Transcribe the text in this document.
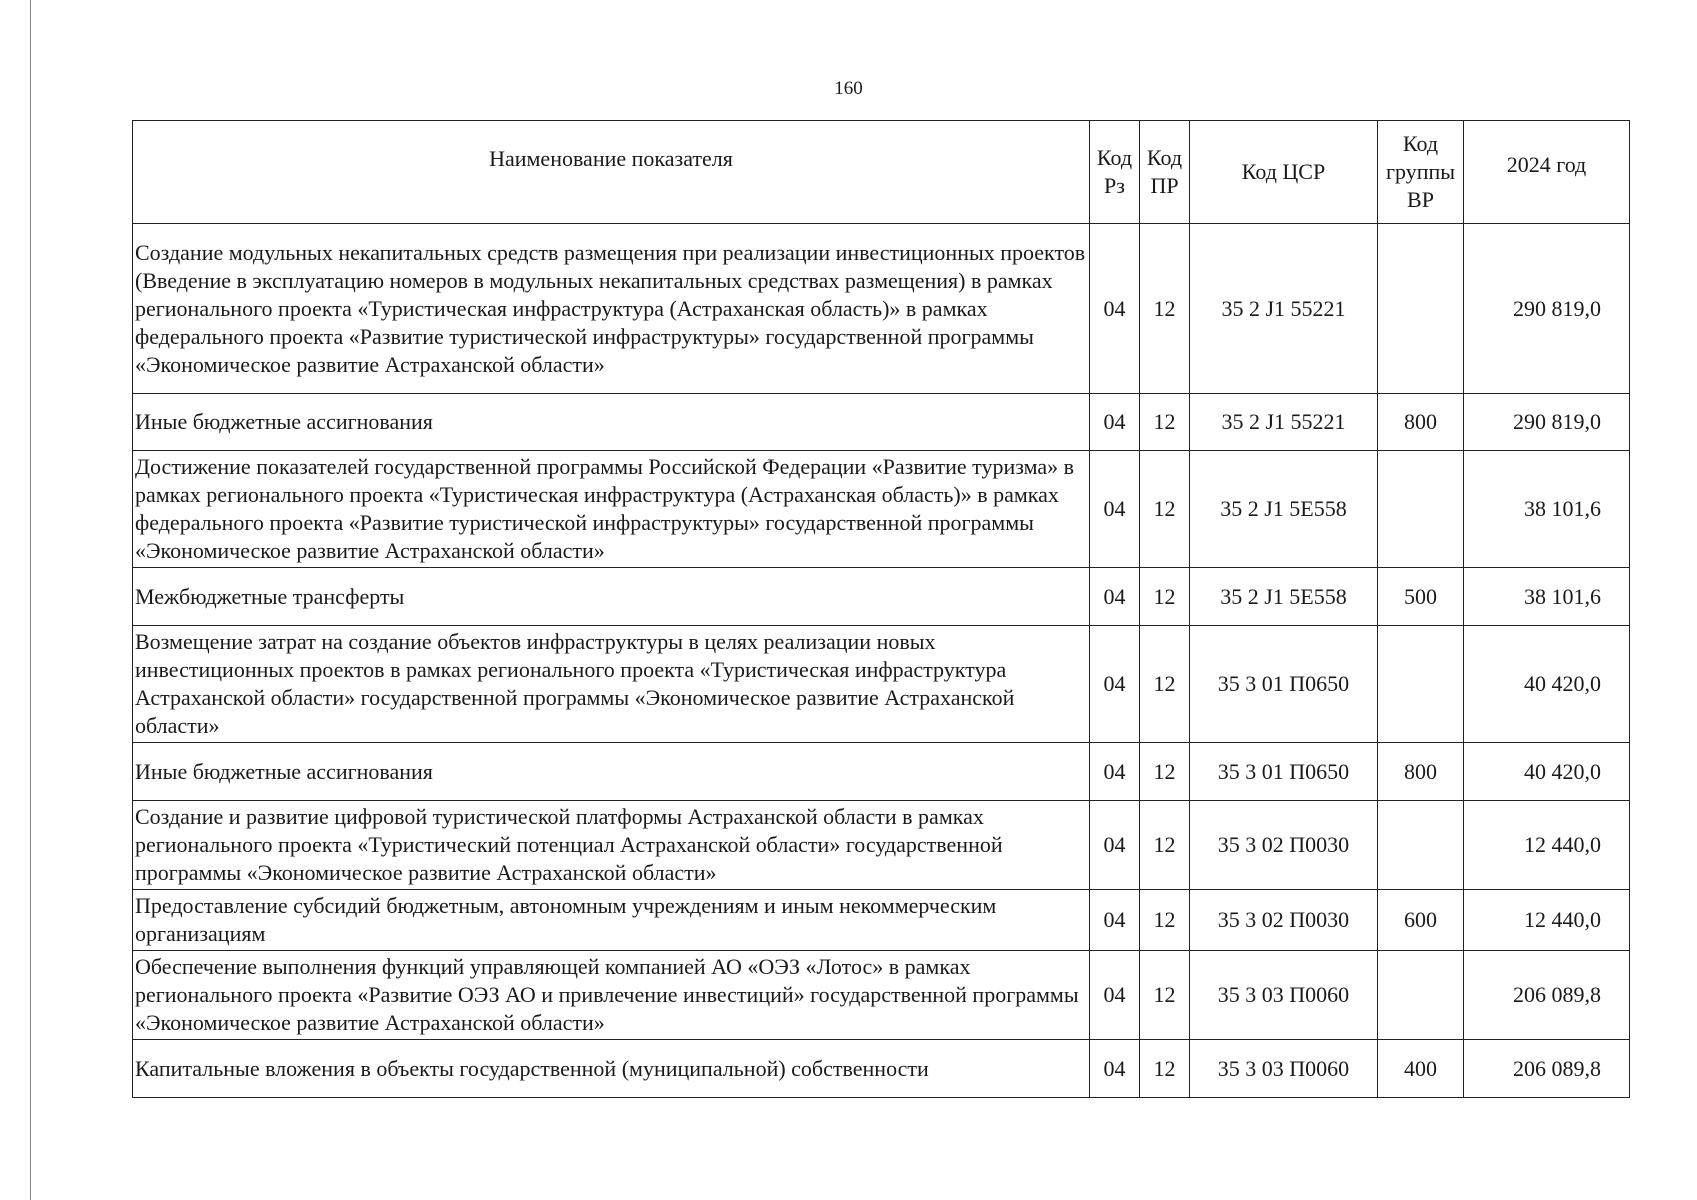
160
Наименование показателя	Код Рз	Код ПР	Код ЦСР	Код группы ВР	2024 год
Создание модульных некапитальных средств размещения при реализации инвестиционных проектов (Введение в эксплуатацию номеров в модульных некапитальных средствах размещения) в рамках регионального проекта «Туристическая инфраструктура (Астраханская область)» в рамках федерального проекта «Развитие туристической инфраструктуры» государственной программы «Экономическое развитие Астраханской области»	04	12	35 2 J1 55221		290 819,0
Иные бюджетные ассигнования	04	12	35 2 J1 55221	800	290 819,0
Достижение показателей государственной программы Российской Федерации «Развитие туризма» в рамках регионального проекта «Туристическая инфраструктура (Астраханская область)» в рамках федерального проекта «Развитие туристической инфраструктуры» государственной программы «Экономическое развитие Астраханской области»	04	12	35 2 J1 5E558		38 101,6
Межбюджетные трансферты	04	12	35 2 J1 5E558	500	38 101,6
Возмещение затрат на создание объектов инфраструктуры в целях реализации новых инвестиционных проектов в рамках регионального проекта «Туристическая инфраструктура Астраханской области» государственной программы «Экономическое развитие Астраханской области»	04	12	35 3 01 П0650		40 420,0
Иные бюджетные ассигнования	04	12	35 3 01 П0650	800	40 420,0
Создание и развитие цифровой туристической платформы Астраханской области в рамках регионального проекта «Туристический потенциал Астраханской области» государственной программы «Экономическое развитие Астраханской области»	04	12	35 3 02 П0030		12 440,0
Предоставление субсидий бюджетным, автономным учреждениям и иным некоммерческим организациям	04	12	35 3 02 П0030	600	12 440,0
Обеспечение выполнения функций управляющей компанией АО «ОЭЗ «Лотос» в рамках регионального проекта «Развитие ОЭЗ АО и привлечение инвестиций» государственной программы «Экономическое развитие Астраханской области»	04	12	35 3 03 П0060		206 089,8
Капитальные вложения в объекты государственной (муниципальной) собственности	04	12	35 3 03 П0060	400	206 089,8
